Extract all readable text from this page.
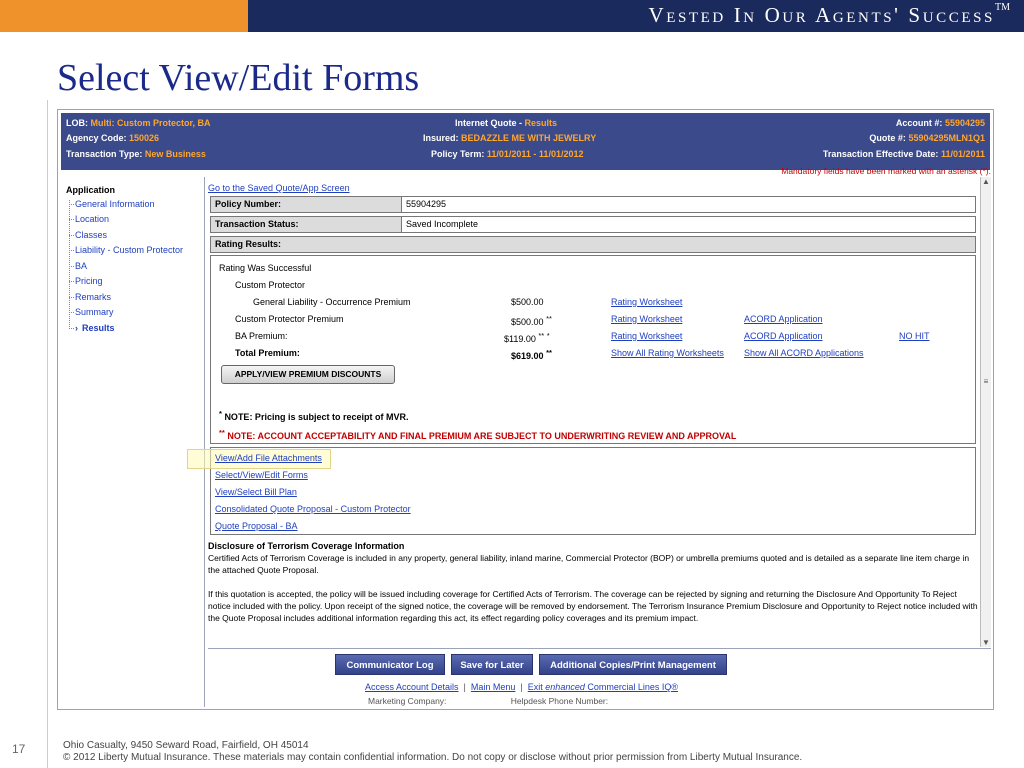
Vested In Our Agents' Success™
Select View/Edit Forms
LOB: Multi: Custom Protector, BA
Agency Code: 150026
Transaction Type: New Business
Internet Quote - Results
Insured: BEDAZZLE ME WITH JEWELRY
Policy Term: 11/01/2011 - 11/01/2012
Account #: 55904295
Quote #: 55904295MLN1Q1
Transaction Effective Date: 11/01/2011
Application
General Information
Location
Classes
Liability - Custom Protector
BA
Pricing
Remarks
Summary
› Results
Mandatory fields have been marked with an asterisk (*).
Go to the Saved Quote/App Screen
Policy Number:	55904295
Transaction Status:	Saved Incomplete
Rating Results:
Rating Was Successful
Custom Protector
General Liability - Occurrence Premium	$500.00	Rating Worksheet
Custom Protector Premium	$500.00 **	Rating Worksheet	ACORD Application
BA Premium:	$119.00 ** *	Rating Worksheet	ACORD Application	NO HIT
Total Premium:	$619.00 **	Show All Rating Worksheets Show All ACORD Applications
APPLY/VIEW PREMIUM DISCOUNTS
* NOTE: Pricing is subject to receipt of MVR.
** NOTE: ACCOUNT ACCEPTABILITY AND FINAL PREMIUM ARE SUBJECT TO UNDERWRITING REVIEW AND APPROVAL
View/Add File Attachments
Select/View/Edit Forms
View/Select Bill Plan
Consolidated Quote Proposal - Custom Protector
Quote Proposal - BA
Disclosure of Terrorism Coverage Information
Certified Acts of Terrorism Coverage is included in any property, general liability, inland marine, Commercial Protector (BOP) or umbrella premiums quoted and is detailed as a separate line item charge in the attached Quote Proposal.
If this quotation is accepted, the policy will be issued including coverage for Certified Acts of Terrorism. The coverage can be rejected by signing and returning the Disclosure And Opportunity To Reject notice included with the policy. Upon receipt of the signed notice, the coverage will be removed by endorsement. The Terrorism Insurance Premium Disclosure and Opportunity to Reject notice included with the Quote Proposal includes additional information regarding this act, its effect regarding policy coverages and its premium impact.
▲
≡
▼
Communicator Log	Save for Later	Additional Copies/Print Management
Access Account Details | Main Menu | Exit enhanced Commercial Lines IQ®
Marketing Company:	Helpdesk Phone Number:
17	Ohio Casualty, 9450 Seward Road, Fairfield, OH 45014
© 2012 Liberty Mutual Insurance. These materials may contain confidential information. Do not copy or disclose without prior permission from Liberty Mutual Insurance.
